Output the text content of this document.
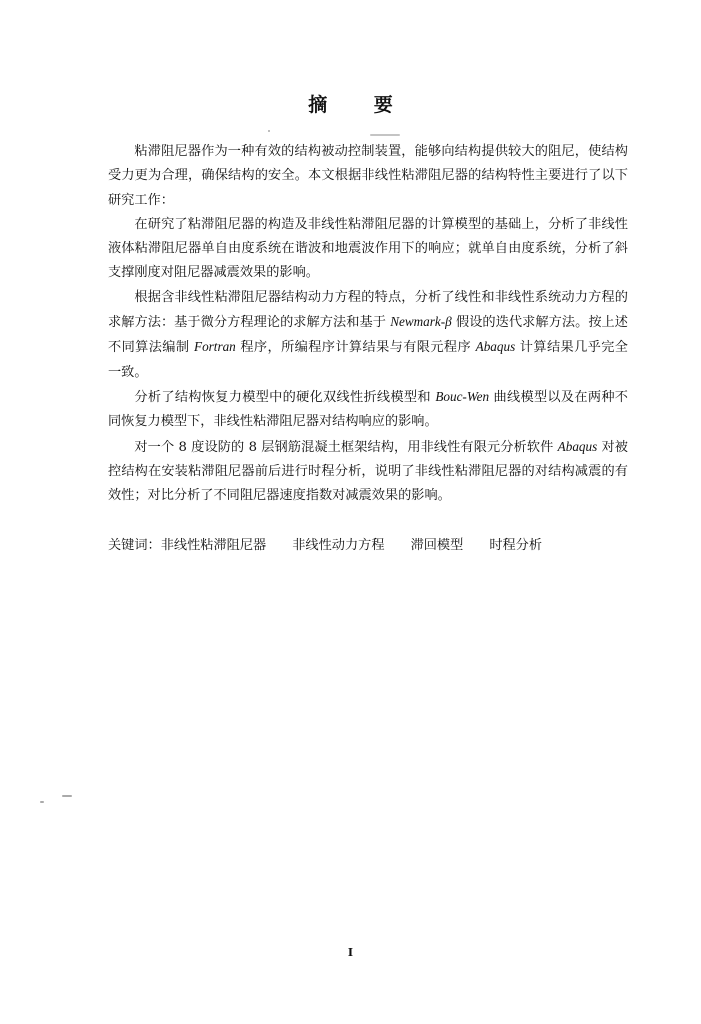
摘 要

粘滞阻尼器作为一种有效的结构被动控制装置，能够向结构提供较大的阻尼，使结构受力更为合理，确保结构的安全。本文根据非线性粘滞阻尼器的结构特性主要进行了以下研究工作：

在研究了粘滞阻尼器的构造及非线性粘滞阻尼器的计算模型的基础上，分析了非线性液体粘滞阻尼器单自由度系统在谐波和地震波作用下的响应；就单自由度系统，分析了斜支撑刚度对阻尼器减震效果的影响。

根据含非线性粘滞阻尼器结构动力方程的特点，分析了线性和非线性系统动力方程的求解方法：基于微分方程理论的求解方法和基于 Newmark-β 假设的迭代求解方法。按上述不同算法编制 Fortran 程序，所编程序计算结果与有限元程序 Abaqus 计算结果几乎完全一致。

分析了结构恢复力模型中的硬化双线性折线模型和 Bouc-Wen 曲线模型以及在两种不同恢复力模型下，非线性粘滞阻尼器对结构响应的影响。

对一个 8 度设防的 8 层钢筋混凝土框架结构，用非线性有限元分析软件 Abaqus 对被控结构在安装粘滞阻尼器前后进行时程分析，说明了非线性粘滞阻尼器的对结构减震的有效性；对比分析了不同阻尼器速度指数对减震效果的影响。

关键词：非线性粘滞阻尼器 非线性动力方程 滞回模型 时程分析
I
